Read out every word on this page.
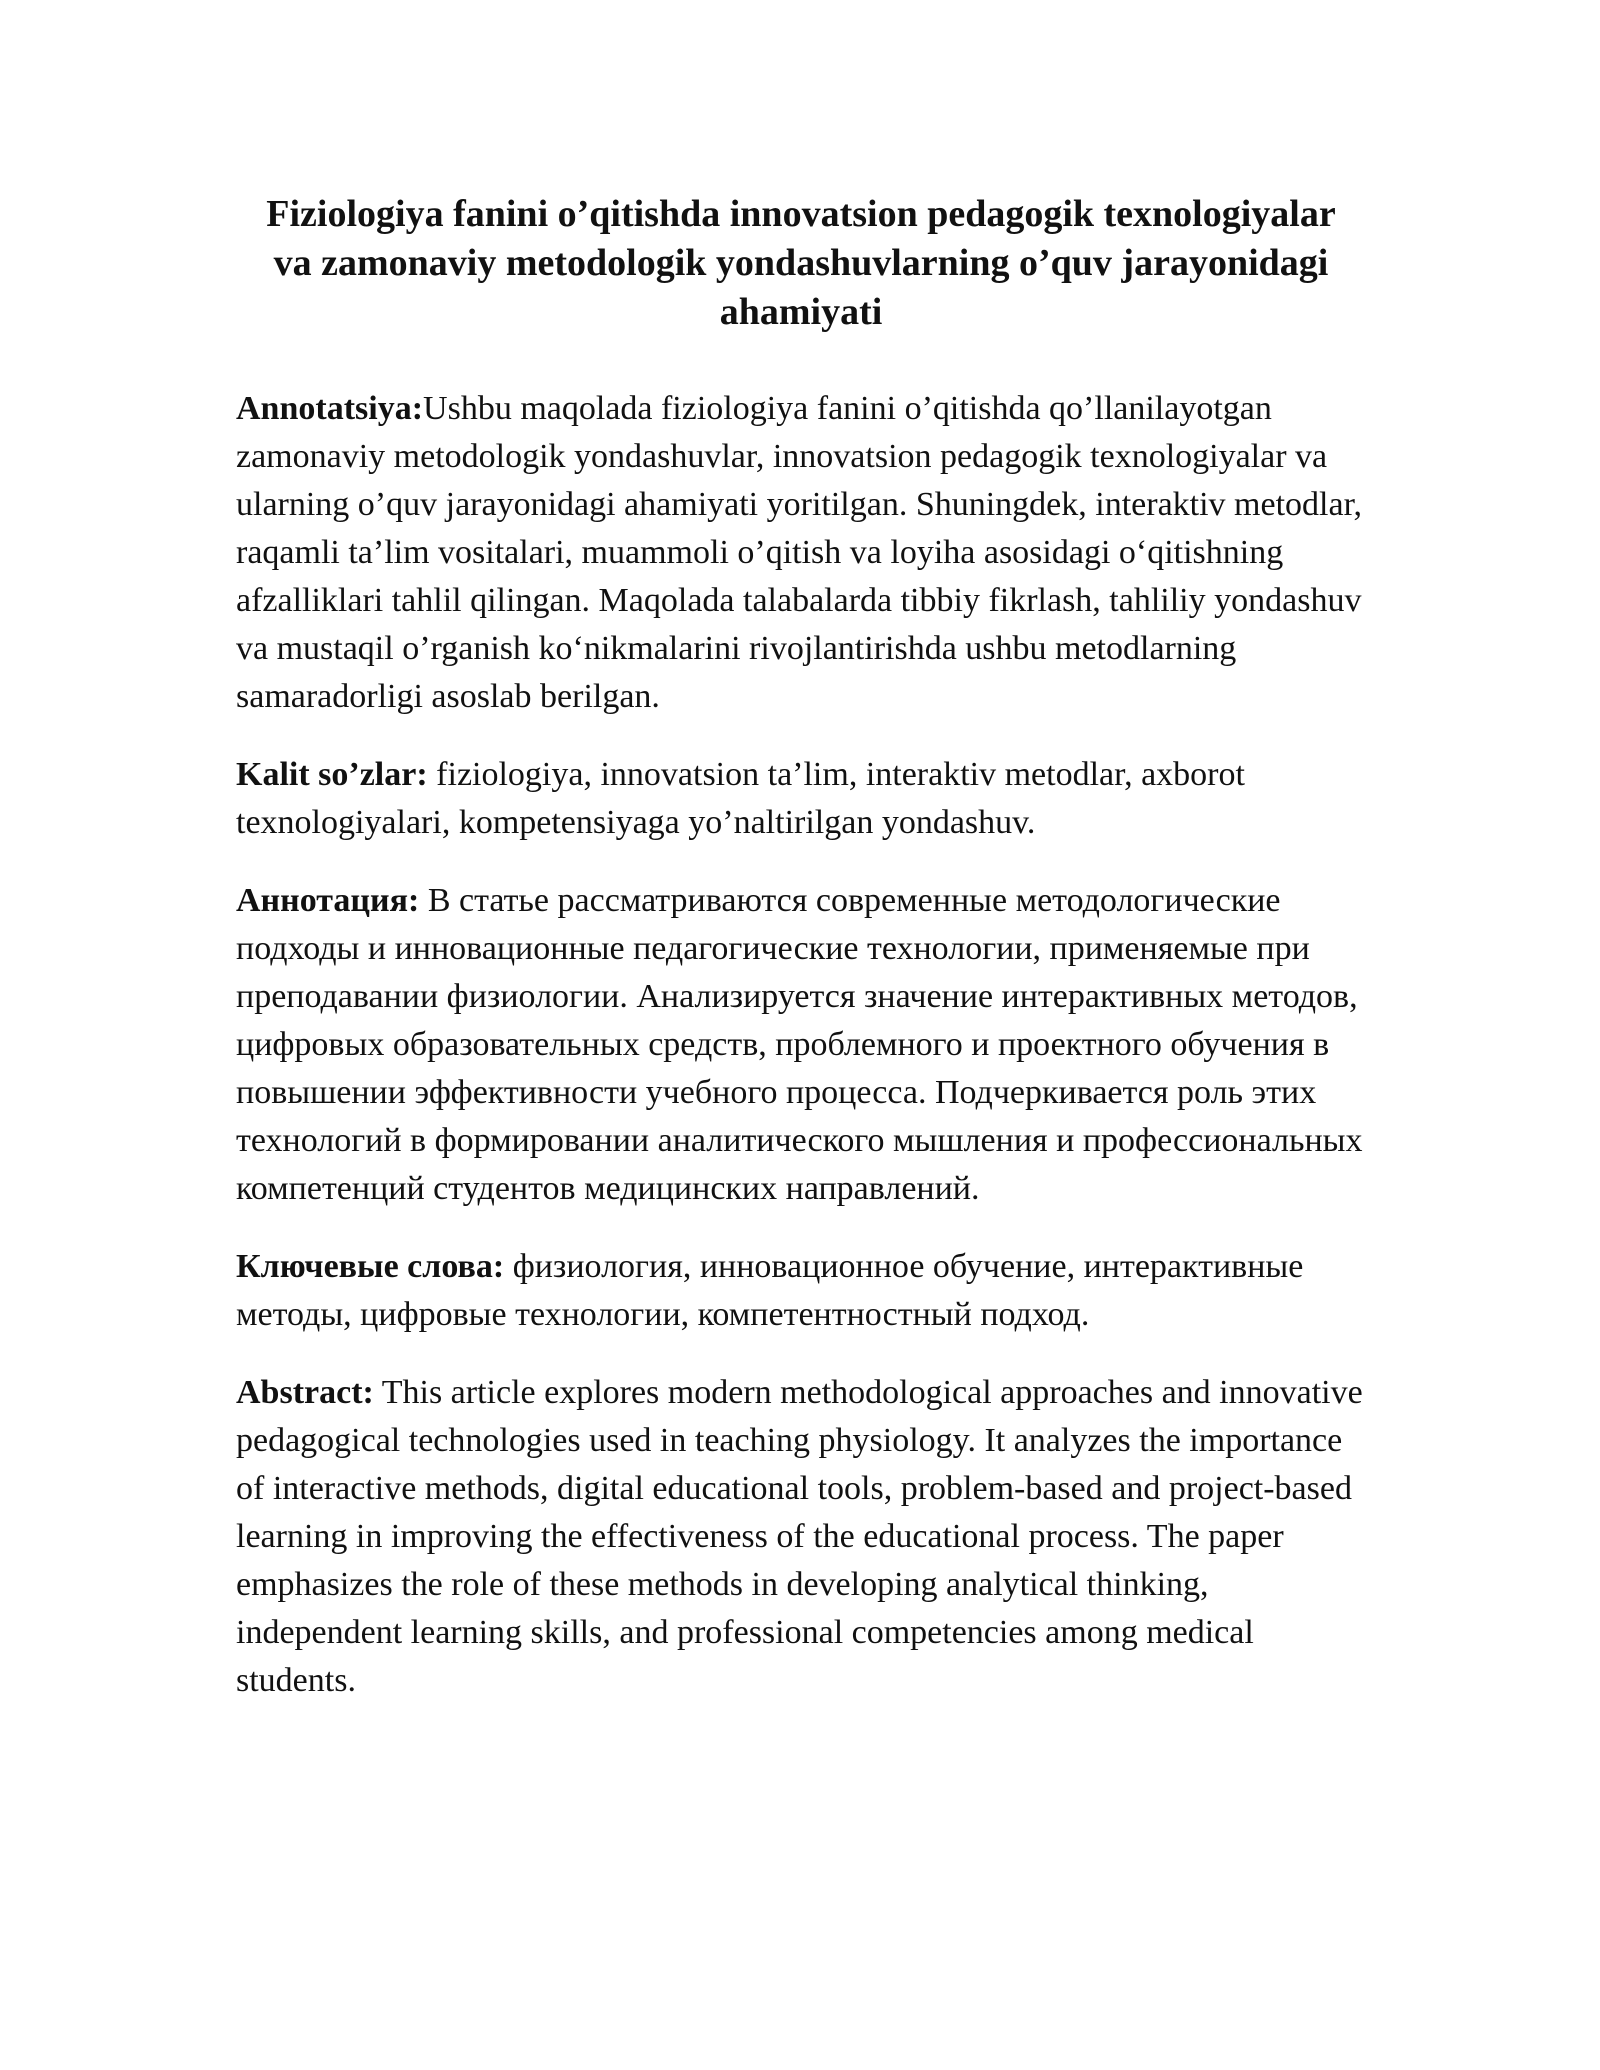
Fiziologiya fanini o’qitishda innovatsion pedagogik texnologiyalar va zamonaviy metodologik yondashuvlarning o’quv jarayonidagi ahamiyati

Annotatsiya:Ushbu maqolada fiziologiya fanini o’qitishda qo’llanilayotgan zamonaviy metodologik yondashuvlar, innovatsion pedagogik texnologiyalar va ularning o’quv jarayonidagi ahamiyati yoritilgan. Shuningdek, interaktiv metodlar, raqamli ta’lim vositalari, muammoli o’qitish va loyiha asosidagi o‘qitishning afzalliklari tahlil qilingan. Maqolada talabalarda tibbiy fikrlash, tahliliy yondashuv va mustaqil o’rganish ko‘nikmalarini rivojlantirishda ushbu metodlarning samaradorligi asoslab berilgan.

Kalit so’zlar: fiziologiya, innovatsion ta’lim, interaktiv metodlar, axborot texnologiyalari, kompetensiyaga yo’naltirilgan yondashuv.

Аннотация: В статье рассматриваются современные методологические подходы и инновационные педагогические технологии, применяемые при преподавании физиологии. Анализируется значение интерактивных методов, цифровых образовательных средств, проблемного и проектного обучения в повышении эффективности учебного процесса. Подчеркивается роль этих технологий в формировании аналитического мышления и профессиональных компетенций студентов медицинских направлений.

Ключевые слова: физиология, инновационное обучение, интерактивные методы, цифровые технологии, компетентностный подход.

Abstract: This article explores modern methodological approaches and innovative pedagogical technologies used in teaching physiology. It analyzes the importance of interactive methods, digital educational tools, problem-based and project-based learning in improving the effectiveness of the educational process. The paper emphasizes the role of these methods in developing analytical thinking, independent learning skills, and professional competencies among medical students.
